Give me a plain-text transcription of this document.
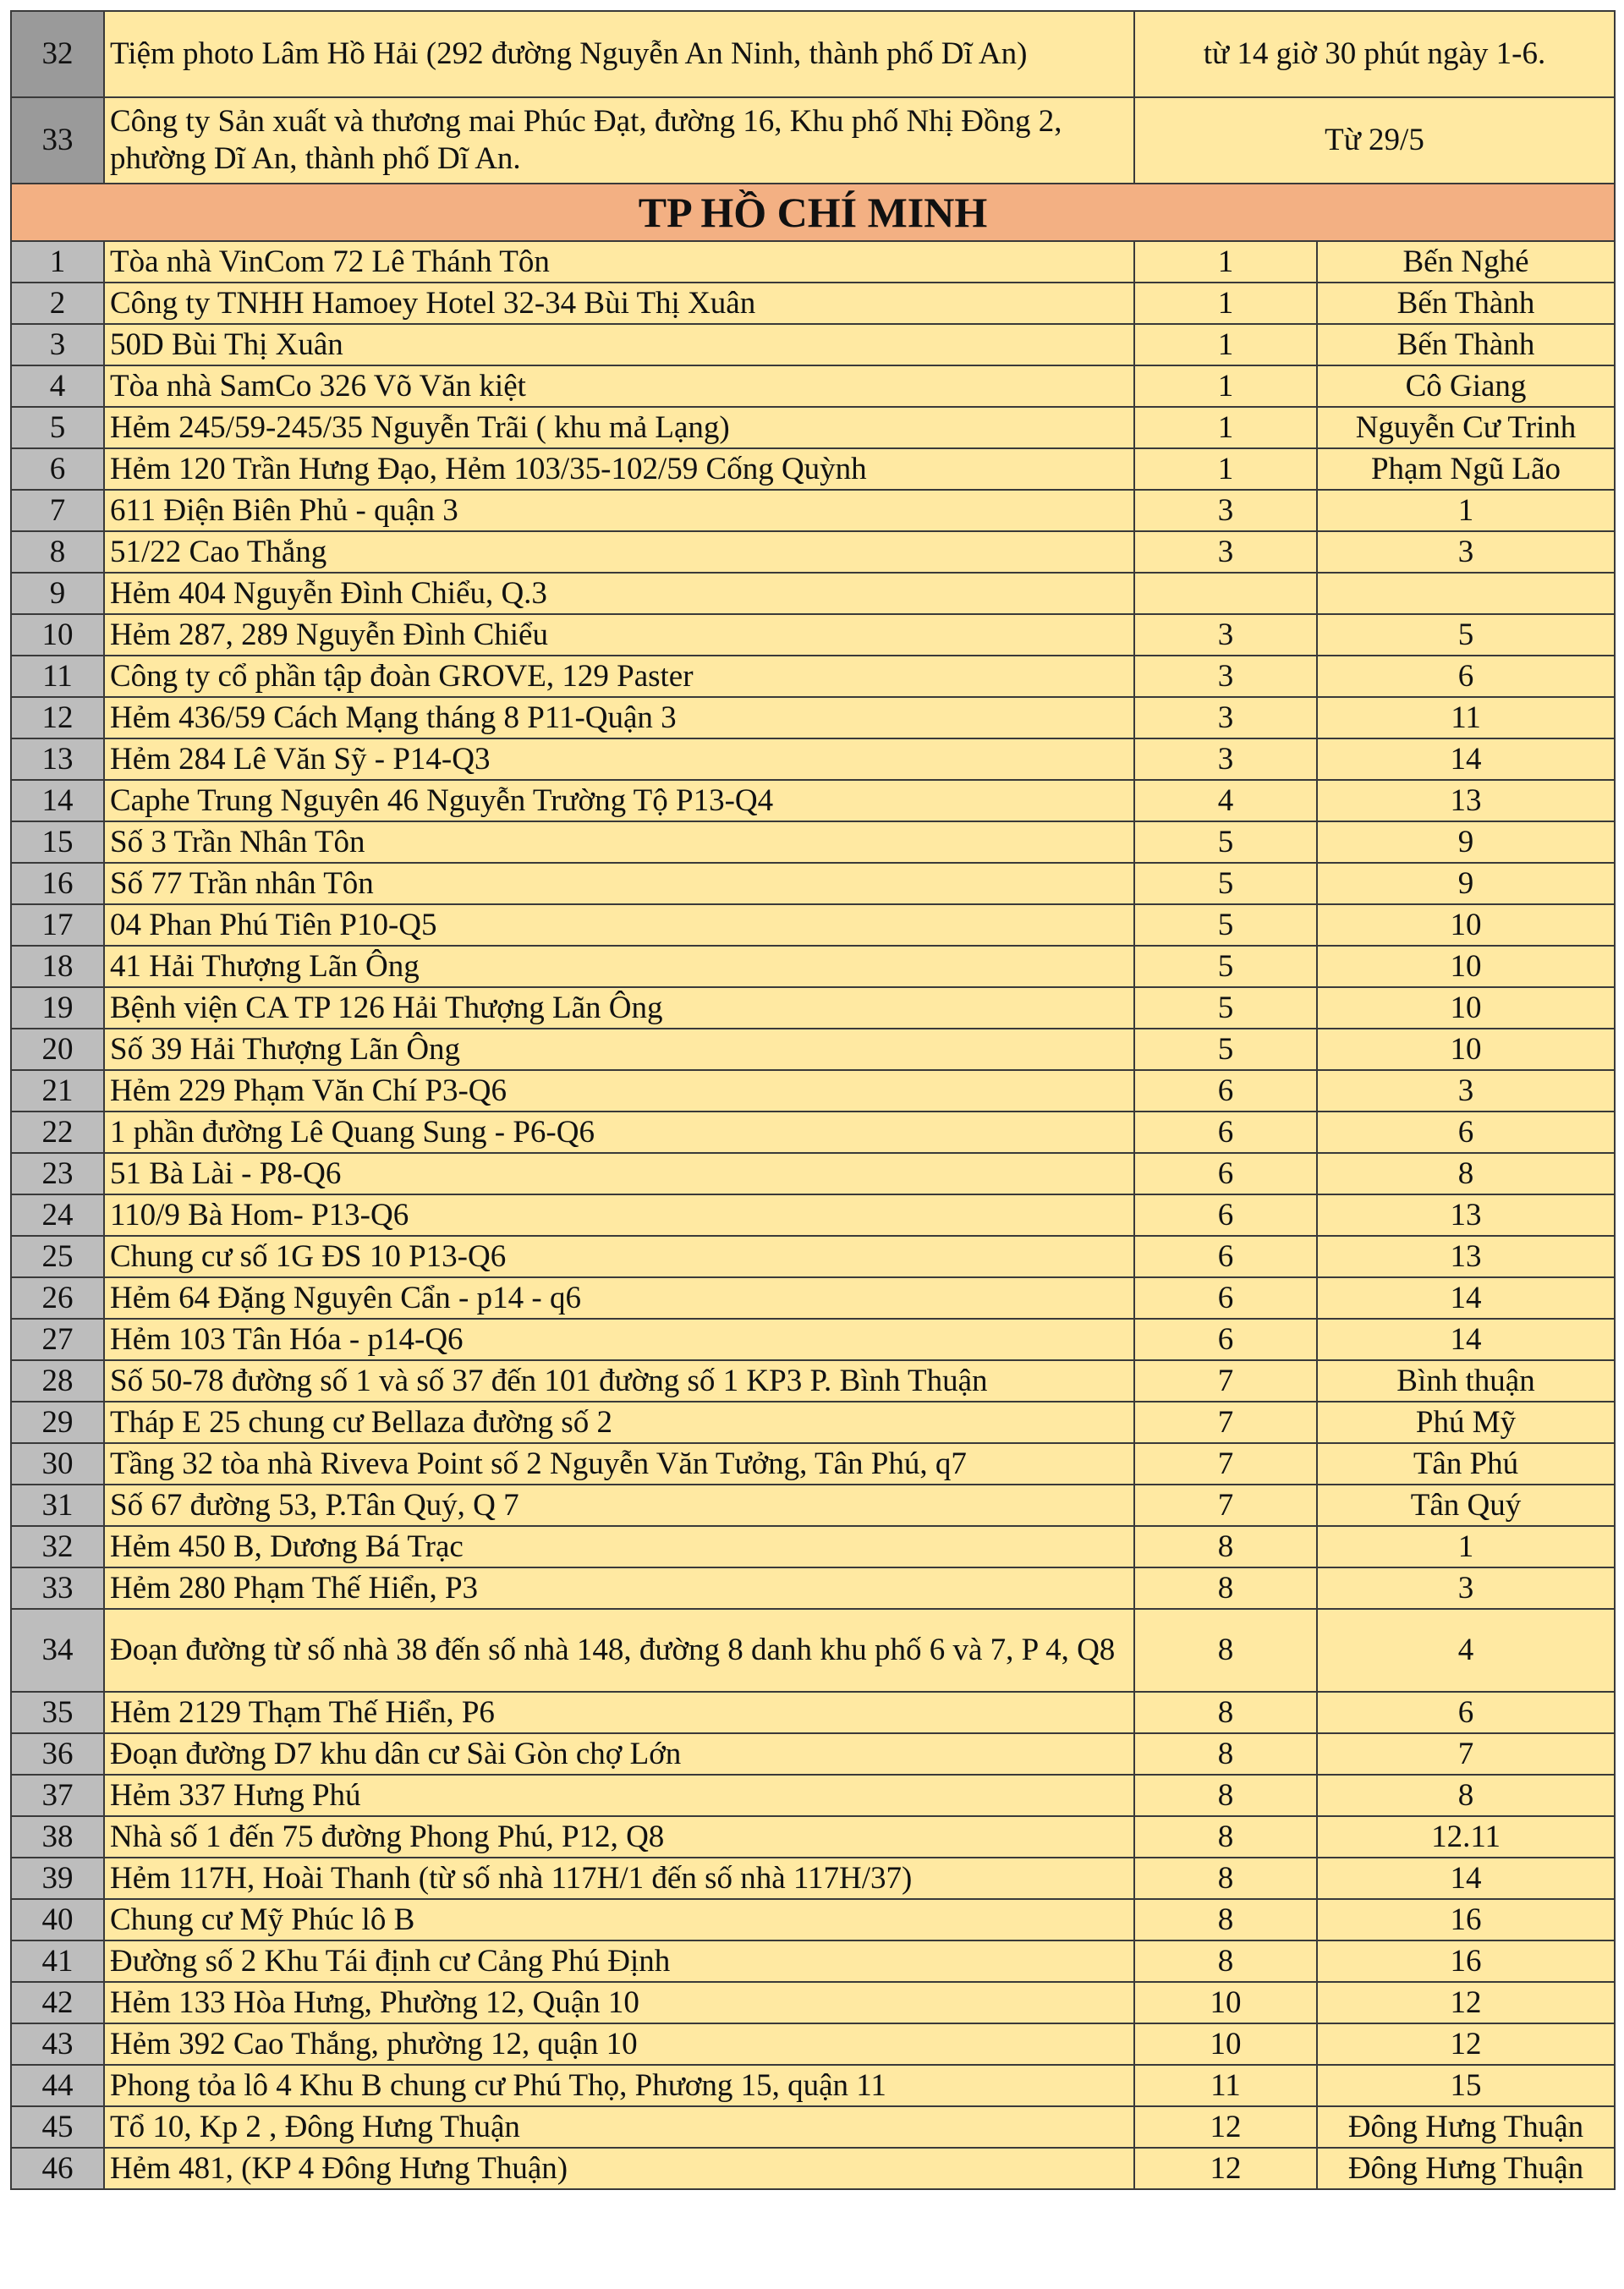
32	Tiệm photo Lâm Hồ Hải (292 đường Nguyễn An Ninh, thành phố Dĩ An)	từ 14 giờ 30 phút ngày 1-6.	
33	Công ty Sản xuất và thương mai Phúc Đạt, đường 16, Khu phố Nhị Đồng 2, phường Dĩ An, thành phố Dĩ An.	Từ 29/5	
TP HỒ CHÍ MINH			
1	Tòa nhà VinCom 72 Lê Thánh Tôn	1	Bến Nghé
2	Công ty TNHH Hamoey Hotel 32-34 Bùi Thị Xuân	1	Bến Thành
3	50D Bùi Thị Xuân	1	Bến Thành
4	Tòa nhà SamCo 326 Võ Văn kiệt	1	Cô Giang
5	Hẻm 245/59-245/35 Nguyễn Trãi ( khu mả Lạng)	1	Nguyễn Cư Trinh
6	Hẻm 120 Trần Hưng Đạo, Hẻm 103/35-102/59 Cống Quỳnh	1	Phạm Ngũ Lão
7	611 Điện Biên Phủ - quận 3	3	1
8	51/22 Cao Thắng	3	3
9	Hẻm 404 Nguyễn Đình Chiểu, Q.3		
10	Hẻm 287, 289 Nguyễn Đình Chiểu	3	5
11	Công ty cổ phần tập đoàn GROVE, 129 Paster	3	6
12	Hẻm 436/59 Cách Mạng tháng 8 P11-Quận 3	3	11
13	Hẻm 284 Lê Văn Sỹ - P14-Q3	3	14
14	Caphe Trung Nguyên 46 Nguyễn Trường Tộ P13-Q4	4	13
15	Số 3 Trần Nhân Tôn	5	9
16	Số 77 Trần nhân Tôn	5	9
17	04 Phan Phú Tiên P10-Q5	5	10
18	41 Hải Thượng Lãn Ông	5	10
19	Bệnh viện CA TP 126 Hải Thượng Lãn Ông	5	10
20	Số 39 Hải Thượng Lãn Ông	5	10
21	Hẻm 229 Phạm Văn Chí P3-Q6	6	3
22	1 phần đường Lê Quang Sung - P6-Q6	6	6
23	51 Bà Lài - P8-Q6	6	8
24	110/9 Bà Hom- P13-Q6	6	13
25	Chung cư số 1G ĐS 10 P13-Q6	6	13
26	Hẻm 64 Đặng Nguyên Cẩn - p14 - q6	6	14
27	Hẻm 103 Tân Hóa - p14-Q6	6	14
28	Số 50-78 đường số 1 và số 37 đến 101 đường số 1 KP3 P. Bình Thuận	7	Bình thuận
29	Tháp E 25 chung cư Bellaza đường số 2	7	Phú Mỹ
30	Tầng 32 tòa nhà Riveva Point số 2 Nguyễn Văn Tưởng, Tân Phú, q7	7	Tân Phú
31	Số 67 đường 53, P.Tân Quý, Q 7	7	Tân Quý
32	Hẻm 450 B, Dương Bá Trạc	8	1
33	Hẻm 280 Phạm Thế Hiển, P3	8	3
34	Đoạn đường từ số nhà 38 đến số nhà 148, đường 8 danh khu phố 6 và 7, P 4, Q8	8	4
35	Hẻm 2129 Thạm Thế Hiển, P6	8	6
36	Đoạn đường D7 khu dân cư Sài Gòn chợ Lớn	8	7
37	Hẻm 337 Hưng Phú	8	8
38	Nhà số 1 đến 75 đường Phong Phú, P12, Q8	8	12.11
39	Hẻm 117H, Hoài Thanh (từ số nhà 117H/1 đến số nhà 117H/37)	8	14
40	Chung cư Mỹ Phúc lô B	8	16
41	Đường số 2 Khu Tái định cư Cảng Phú Định	8	16
42	Hẻm 133 Hòa Hưng, Phường 12, Quận 10	10	12
43	Hẻm 392 Cao Thắng, phường 12, quận 10	10	12
44	Phong tỏa lô 4 Khu B chung cư Phú Thọ, Phương 15, quận 11	11	15
45	Tổ 10, Kp 2 , Đông Hưng Thuận	12	Đông Hưng Thuận
46	Hẻm 481, (KP 4 Đông Hưng Thuận)	12	Đông Hưng Thuận
